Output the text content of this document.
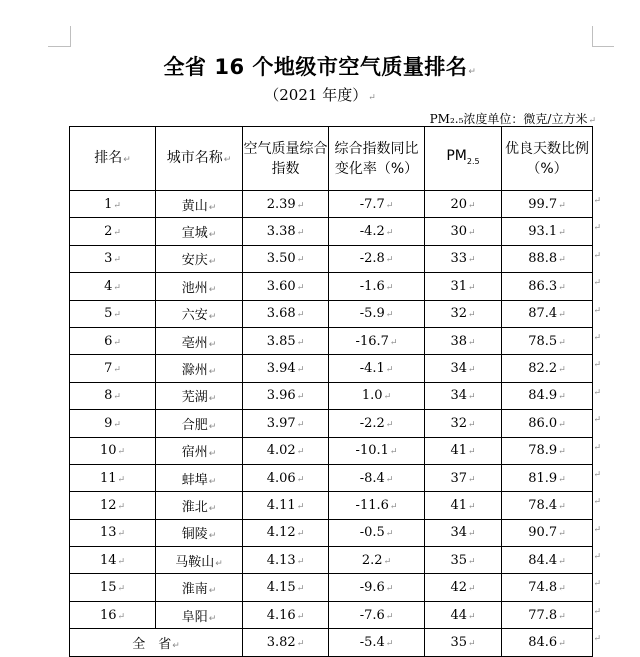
全省 16 个地级市空气质量排名↵
（2021 年度）↵
PM₂.₅浓度单位：微克/立方米↵
排名↵	城市名称↵	空气质量综合指数	综合指数同比变化率（%）	$PM_{2.5}$	优良天数比例（%）
1↵	黄山↵	2.39↵	-7.7↵	20↵	99.7↵ ↵

2↵	宣城↵	3.38↵	-4.2↵	30↵	93.1↵ ↵

3↵	安庆↵	3.50↵	-2.8↵	33↵	88.8↵ ↵

4↵	池州↵	3.60↵	-1.6↵	31↵	86.3↵ ↵

5↵	六安↵	3.68↵	-5.9↵	32↵	87.4↵ ↵

6↵	亳州↵	3.85↵	-16.7↵	38↵	78.5↵ ↵

7↵	滁州↵	3.94↵	-4.1↵	34↵	82.2↵ ↵

8↵	芜湖↵	3.96↵	1.0↵	34↵	84.9↵ ↵

9↵	合肥↵	3.97↵	-2.2↵	32↵	86.0↵ ↵

10↵	宿州↵	4.02↵	-10.1↵	41↵	78.9↵ ↵

11↵	蚌埠↵	4.06↵	-8.4↵	37↵	81.9↵ ↵

12↵	淮北↵	4.11↵	-11.6↵	41↵	78.4↵ ↵

13↵	铜陵↵	4.12↵	-0.5↵	34↵	90.7↵ ↵

14↵	马鞍山↵	4.13↵	2.2↵	35↵	84.4↵ ↵

15↵	淮南↵	4.15↵	-9.6↵	42↵	74.8↵ ↵

16↵	阜阳↵	4.16↵	-7.6↵	44↵	77.8↵ ↵

全　省↵		3.82↵	-5.4↵	35↵	84.6↵ ↵
